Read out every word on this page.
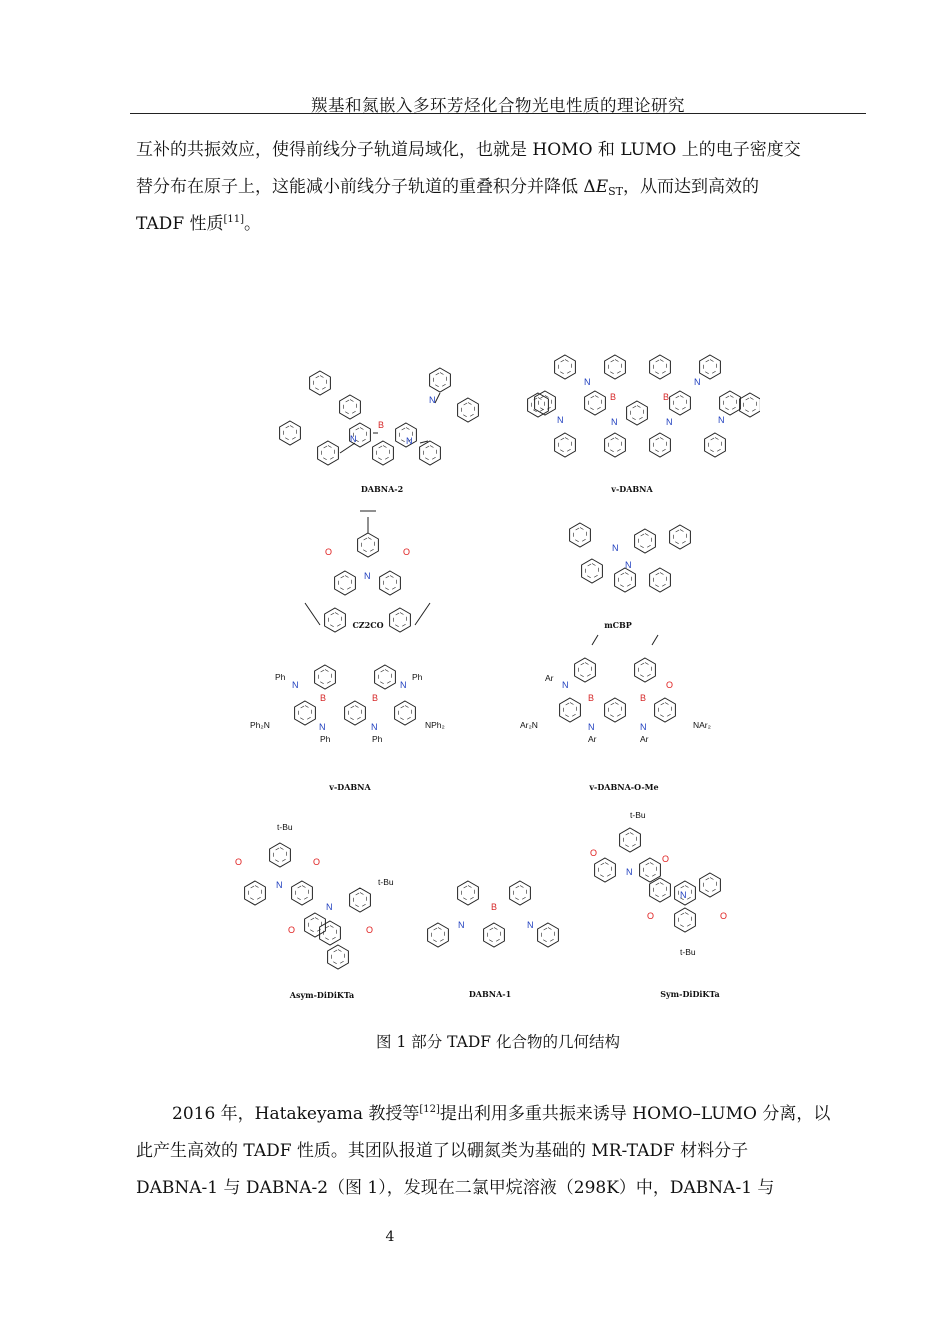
羰基和氮嵌入多环芳烃化合物光电性质的理论研究
互补的共振效应，使得前线分子轨道局域化，也就是 HOMO 和 LUMO 上的电子密度交
替分布在原子上，这能减小前线分子轨道的重叠积分并降低 $\Delta E_{ST}$，从而达到高效的
TADF 性质[11]。
B
N	N
N
DABNA-2
N	N
B	B
N	N	N	N
v-DABNA
O	O
N
CZ2CO
N
N
mCBP
Ph
N	N
Ph
B	B
Ph₂N	N	N	NPh₂
Ph	Ph
v-DABNA
Ar
N	O
B	B
Ar₂N	N	N	NAr₂
Ar	Ar
v-DABNA-O-Me
t-Bu
O	O
N	t-Bu
N
O	O
Asym-DiDiKTa
B
N	N
DABNA-1
t-Bu
O
O
N
N
O	O
t-Bu
Sym-DiDiKTa
图 1 部分 TADF 化合物的几何结构
2016 年，Hatakeyama 教授等[12]提出利用多重共振来诱导 HOMO–LUMO 分离，以
此产生高效的 TADF 性质。其团队报道了以硼氮类为基础的 MR-TADF 材料分子
DABNA-1 与 DABNA-2（图 1），发现在二氯甲烷溶液（298K）中，DABNA-1 与
4
